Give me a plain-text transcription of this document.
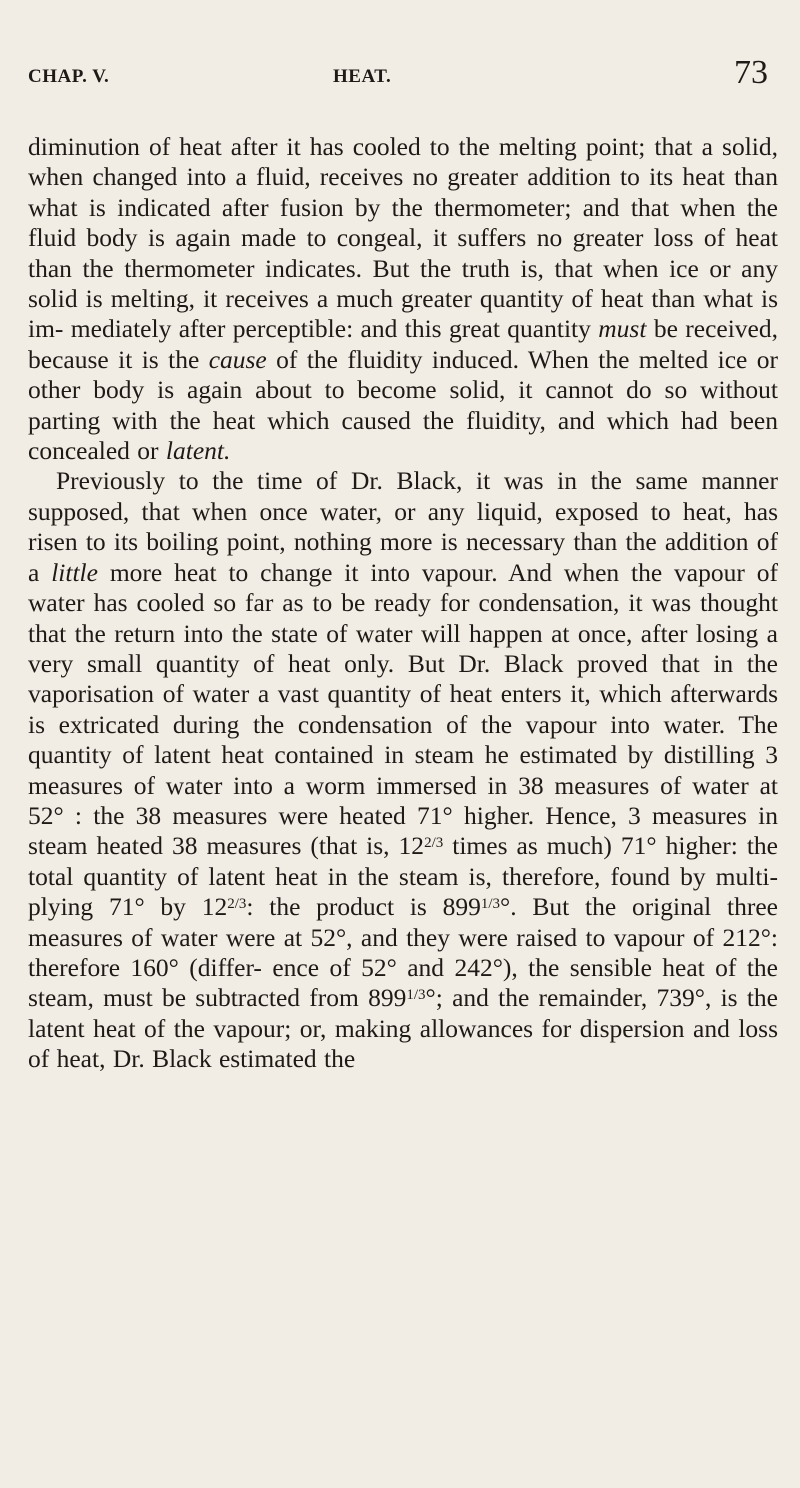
CHAP. V.	HEAT.	73

diminution of heat after it has cooled to the melting point; that a solid, when changed into a fluid, receives no greater addition to its heat than what is indicated after fusion by the thermometer; and that when the fluid body is again made to congeal, it suffers no greater loss of heat than the thermometer indicates. But the truth is, that when ice or any solid is melting, it receives a much greater quantity of heat than what is im- mediately after perceptible: and this great quantity must be received, because it is the cause of the fluidity induced. When the melted ice or other body is again about to become solid, it cannot do so without parting with the heat which caused the fluidity, and which had been concealed or latent.

Previously to the time of Dr. Black, it was in the same manner supposed, that when once water, or any liquid, exposed to heat, has risen to its boiling point, nothing more is necessary than the addition of a little more heat to change it into vapour. And when the vapour of water has cooled so far as to be ready for condensation, it was thought that the return into the state of water will happen at once, after losing a very small quantity of heat only. But Dr. Black proved that in the vaporisation of water a vast quantity of heat enters it, which afterwards is extricated during the condensation of the vapour into water. The quantity of latent heat contained in steam he estimated by distilling 3 measures of water into a worm immersed in 38 measures of water at 52° : the 38 measures were heated 71° higher. Hence, 3 measures in steam heated 38 measures (that is, $12^{2/3}$ times as much) 71° higher: the total quantity of latent heat in the steam is, therefore, found by multi- plying 71° by $12^{2/3}$: the product is $899^{1/3}^\circ$. But the original three measures of water were at 52°, and they were raised to vapour of 212°: therefore 160° (differ- ence of 52° and 242°), the sensible heat of the steam, must be subtracted from $899^{1/3}^\circ$; and the remainder, 739°, is the latent heat of the vapour; or, making allowances for dispersion and loss of heat, Dr. Black estimated the
